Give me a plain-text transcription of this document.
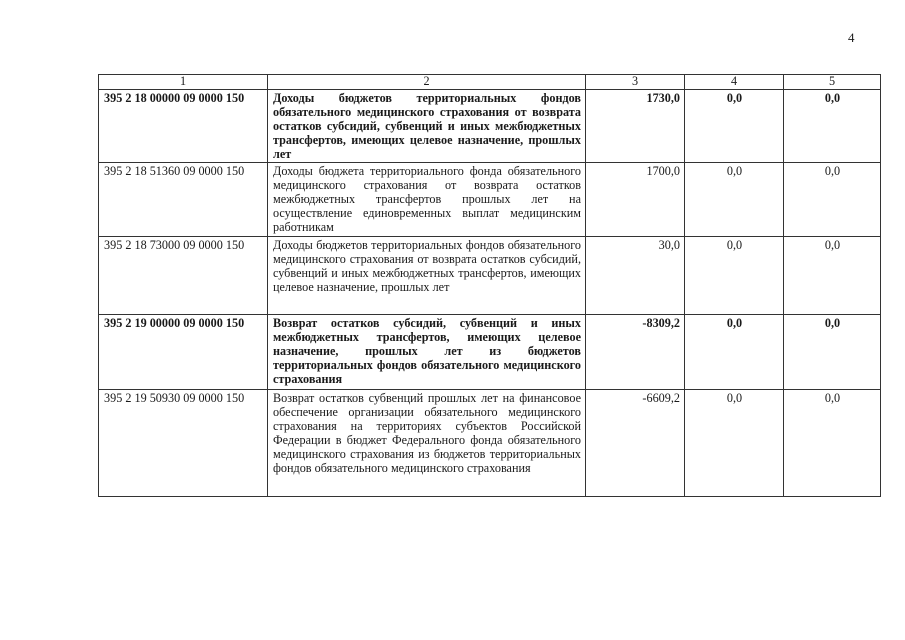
4
1	2	3	4	5
395 2 18 00000 09 0000 150	Доходы бюджетов территориальных фондов обязательного медицинского страхования от возврата остатков субсидий, субвенций и иных межбюджетных трансфертов, имеющих целевое назначение, прошлых лет	1730,0	0,0	0,0
395 2 18 51360 09 0000 150	Доходы бюджета территориального фонда обязательного медицинского страхования от возврата остатков межбюджетных трансфертов прошлых лет на осуществление единовременных выплат медицинским работникам	1700,0	0,0	0,0
395 2 18 73000 09 0000 150	Доходы бюджетов территориальных фондов обязательного медицинского страхования от возврата остатков субсидий, субвенций и иных межбюджетных трансфертов, имеющих целевое назначение, прошлых лет	30,0	0,0	0,0
395 2 19 00000 09 0000 150	Возврат остатков субсидий, субвенций и иных межбюджетных трансфертов, имеющих целевое назначение, прошлых лет из бюджетов территориальных фондов обязательного медицинского страхования	-8309,2	0,0	0,0
395 2 19 50930 09 0000 150	Возврат остатков субвенций прошлых лет на финансовое обеспечение организации обязательного медицинского страхования на территориях субъектов Российской Федерации в бюджет Федерального фонда обязательного медицинского страхования из бюджетов территориальных фондов обязательного медицинского страхования	-6609,2	0,0	0,0
